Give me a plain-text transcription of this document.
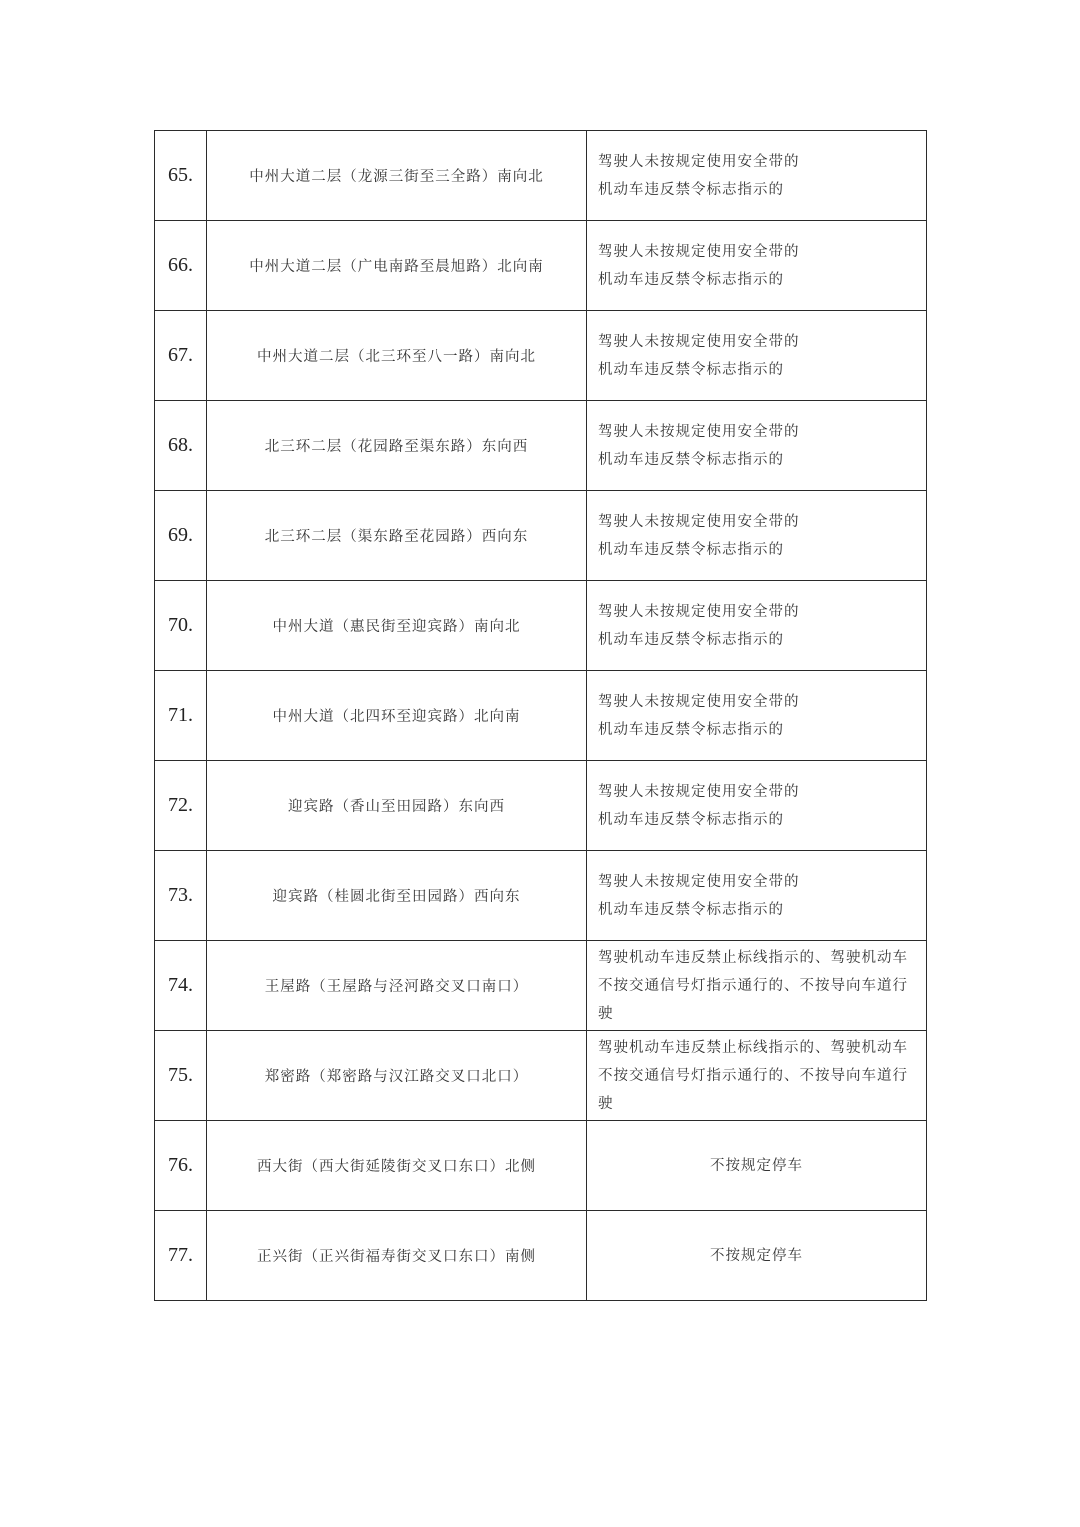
65.	中州大道二层（龙源三街至三全路）南向北	驾驶人未按规定使用安全带的
机动车违反禁令标志指示的

66.	中州大道二层（广电南路至晨旭路）北向南	驾驶人未按规定使用安全带的
机动车违反禁令标志指示的

67.	中州大道二层（北三环至八一路）南向北	驾驶人未按规定使用安全带的
机动车违反禁令标志指示的

68.	北三环二层（花园路至渠东路）东向西	驾驶人未按规定使用安全带的
机动车违反禁令标志指示的

69.	北三环二层（渠东路至花园路）西向东	驾驶人未按规定使用安全带的
机动车违反禁令标志指示的

70.	中州大道（惠民街至迎宾路）南向北	驾驶人未按规定使用安全带的
机动车违反禁令标志指示的

71.	中州大道（北四环至迎宾路）北向南	驾驶人未按规定使用安全带的
机动车违反禁令标志指示的

72.	迎宾路（香山至田园路）东向西	驾驶人未按规定使用安全带的
机动车违反禁令标志指示的

73.	迎宾路（桂圆北街至田园路）西向东	驾驶人未按规定使用安全带的
机动车违反禁令标志指示的

74.	王屋路（王屋路与泾河路交叉口南口）	驾驶机动车违反禁止标线指示的、驾驶机动车
不按交通信号灯指示通行的、不按导向车道行
驶

75.	郑密路（郑密路与汉江路交叉口北口）	驾驶机动车违反禁止标线指示的、驾驶机动车
不按交通信号灯指示通行的、不按导向车道行
驶

76.	西大街（西大街延陵街交叉口东口）北侧	不按规定停车

77.	正兴街（正兴街福寿街交叉口东口）南侧	不按规定停车
